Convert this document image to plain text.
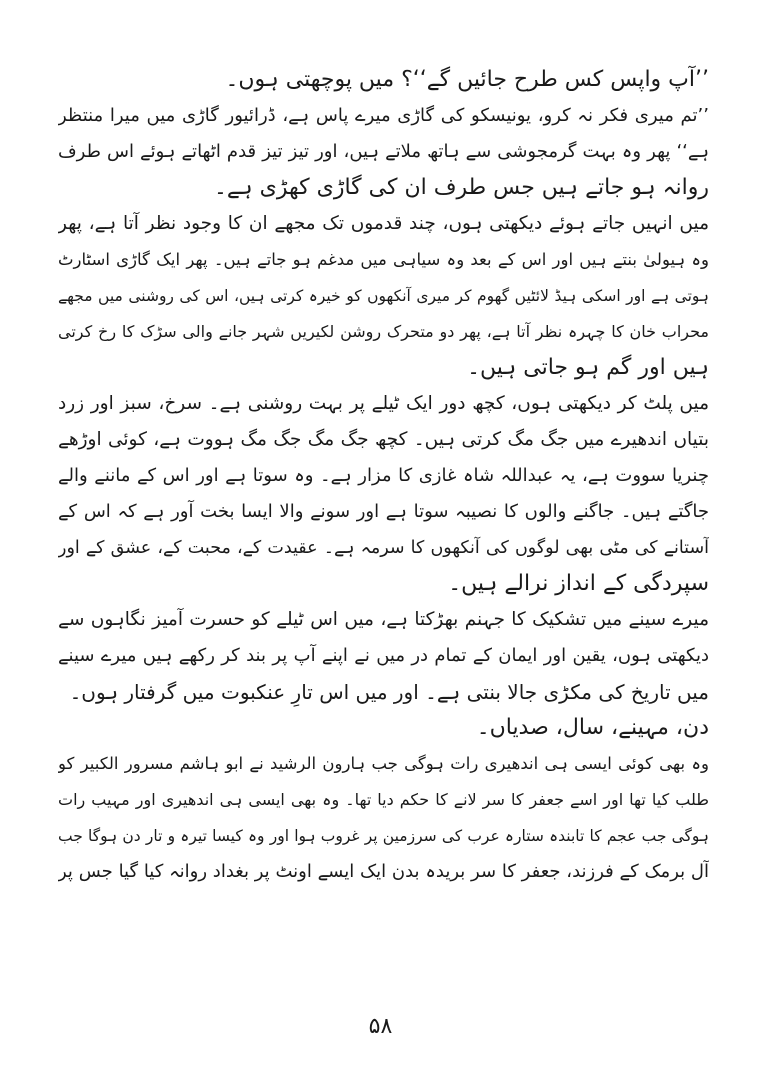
’’آپ واپس کس طرح جائیں گے‘‘؟ میں پوچھتی ہوں۔

’’تم میری فکر نہ کرو، یونیسکو کی گاڑی میرے پاس ہے، ڈرائیور گاڑی میں میرا منتظر

ہے‘‘ پھر وہ بہت گرمجوشی سے ہاتھ ملاتے ہیں، اور تیز تیز قدم اٹھاتے ہوئے اس طرف

روانہ ہو جاتے ہیں جس طرف ان کی گاڑی کھڑی ہے۔

میں انہیں جاتے ہوئے دیکھتی ہوں، چند قدموں تک مجھے ان کا وجود نظر آتا ہے، پھر

وہ ہیولیٰ بنتے ہیں اور اس کے بعد وہ سیاہی میں مدغم ہو جاتے ہیں۔ پھر ایک گاڑی اسٹارٹ

ہوتی ہے اور اسکی ہیڈ لائٹیں گھوم کر میری آنکھوں کو خیرہ کرتی ہیں، اس کی روشنی میں مجھے

محراب خان کا چہرہ نظر آتا ہے، پھر دو متحرک روشن لکیریں شہر جانے والی سڑک کا رخ کرتی

ہیں اور گم ہو جاتی ہیں۔

میں پلٹ کر دیکھتی ہوں، کچھ دور ایک ٹیلے پر بہت روشنی ہے۔ سرخ، سبز اور زرد

بتیاں اندھیرے میں جگ مگ کرتی ہیں۔ کچھ جگ مگ جگ مگ ہووت ہے، کوئی اوڑھے

چنریا سووت ہے، یہ عبداللہ شاہ غازی کا مزار ہے۔ وہ سوتا ہے اور اس کے ماننے والے

جاگتے ہیں۔ جاگنے والوں کا نصیبہ سوتا ہے اور سونے والا ایسا بخت آور ہے کہ اس کے

آستانے کی مٹی بھی لوگوں کی آنکھوں کا سرمہ ہے۔ عقیدت کے، محبت کے، عشق کے اور

سپردگی کے انداز نرالے ہیں۔

میرے سینے میں تشکیک کا جہنم بھڑکتا ہے، میں اس ٹیلے کو حسرت آمیز نگاہوں سے

دیکھتی ہوں، یقین اور ایمان کے تمام در میں نے اپنے آپ پر بند کر رکھے ہیں میرے سینے

میں تاریخ کی مکڑی جالا بنتی ہے۔ اور میں اس تارِ عنکبوت میں گرفتار ہوں۔

دن، مہینے، سال، صدیاں۔

وہ بھی کوئی ایسی ہی اندھیری رات ہوگی جب ہارون الرشید نے ابو ہاشم مسرور الکبیر کو

طلب کیا تھا اور اسے جعفر کا سر لانے کا حکم دیا تھا۔ وہ بھی ایسی ہی اندھیری اور مہیب رات

ہوگی جب عجم کا تابندہ ستارہ عرب کی سرزمین پر غروب ہوا اور وہ کیسا تیرہ و تار دن ہوگا جب

آل برمک کے فرزند، جعفر کا سر بریدہ بدن ایک ایسے اونٹ پر بغداد روانہ کیا گیا جس پر

۵۸
